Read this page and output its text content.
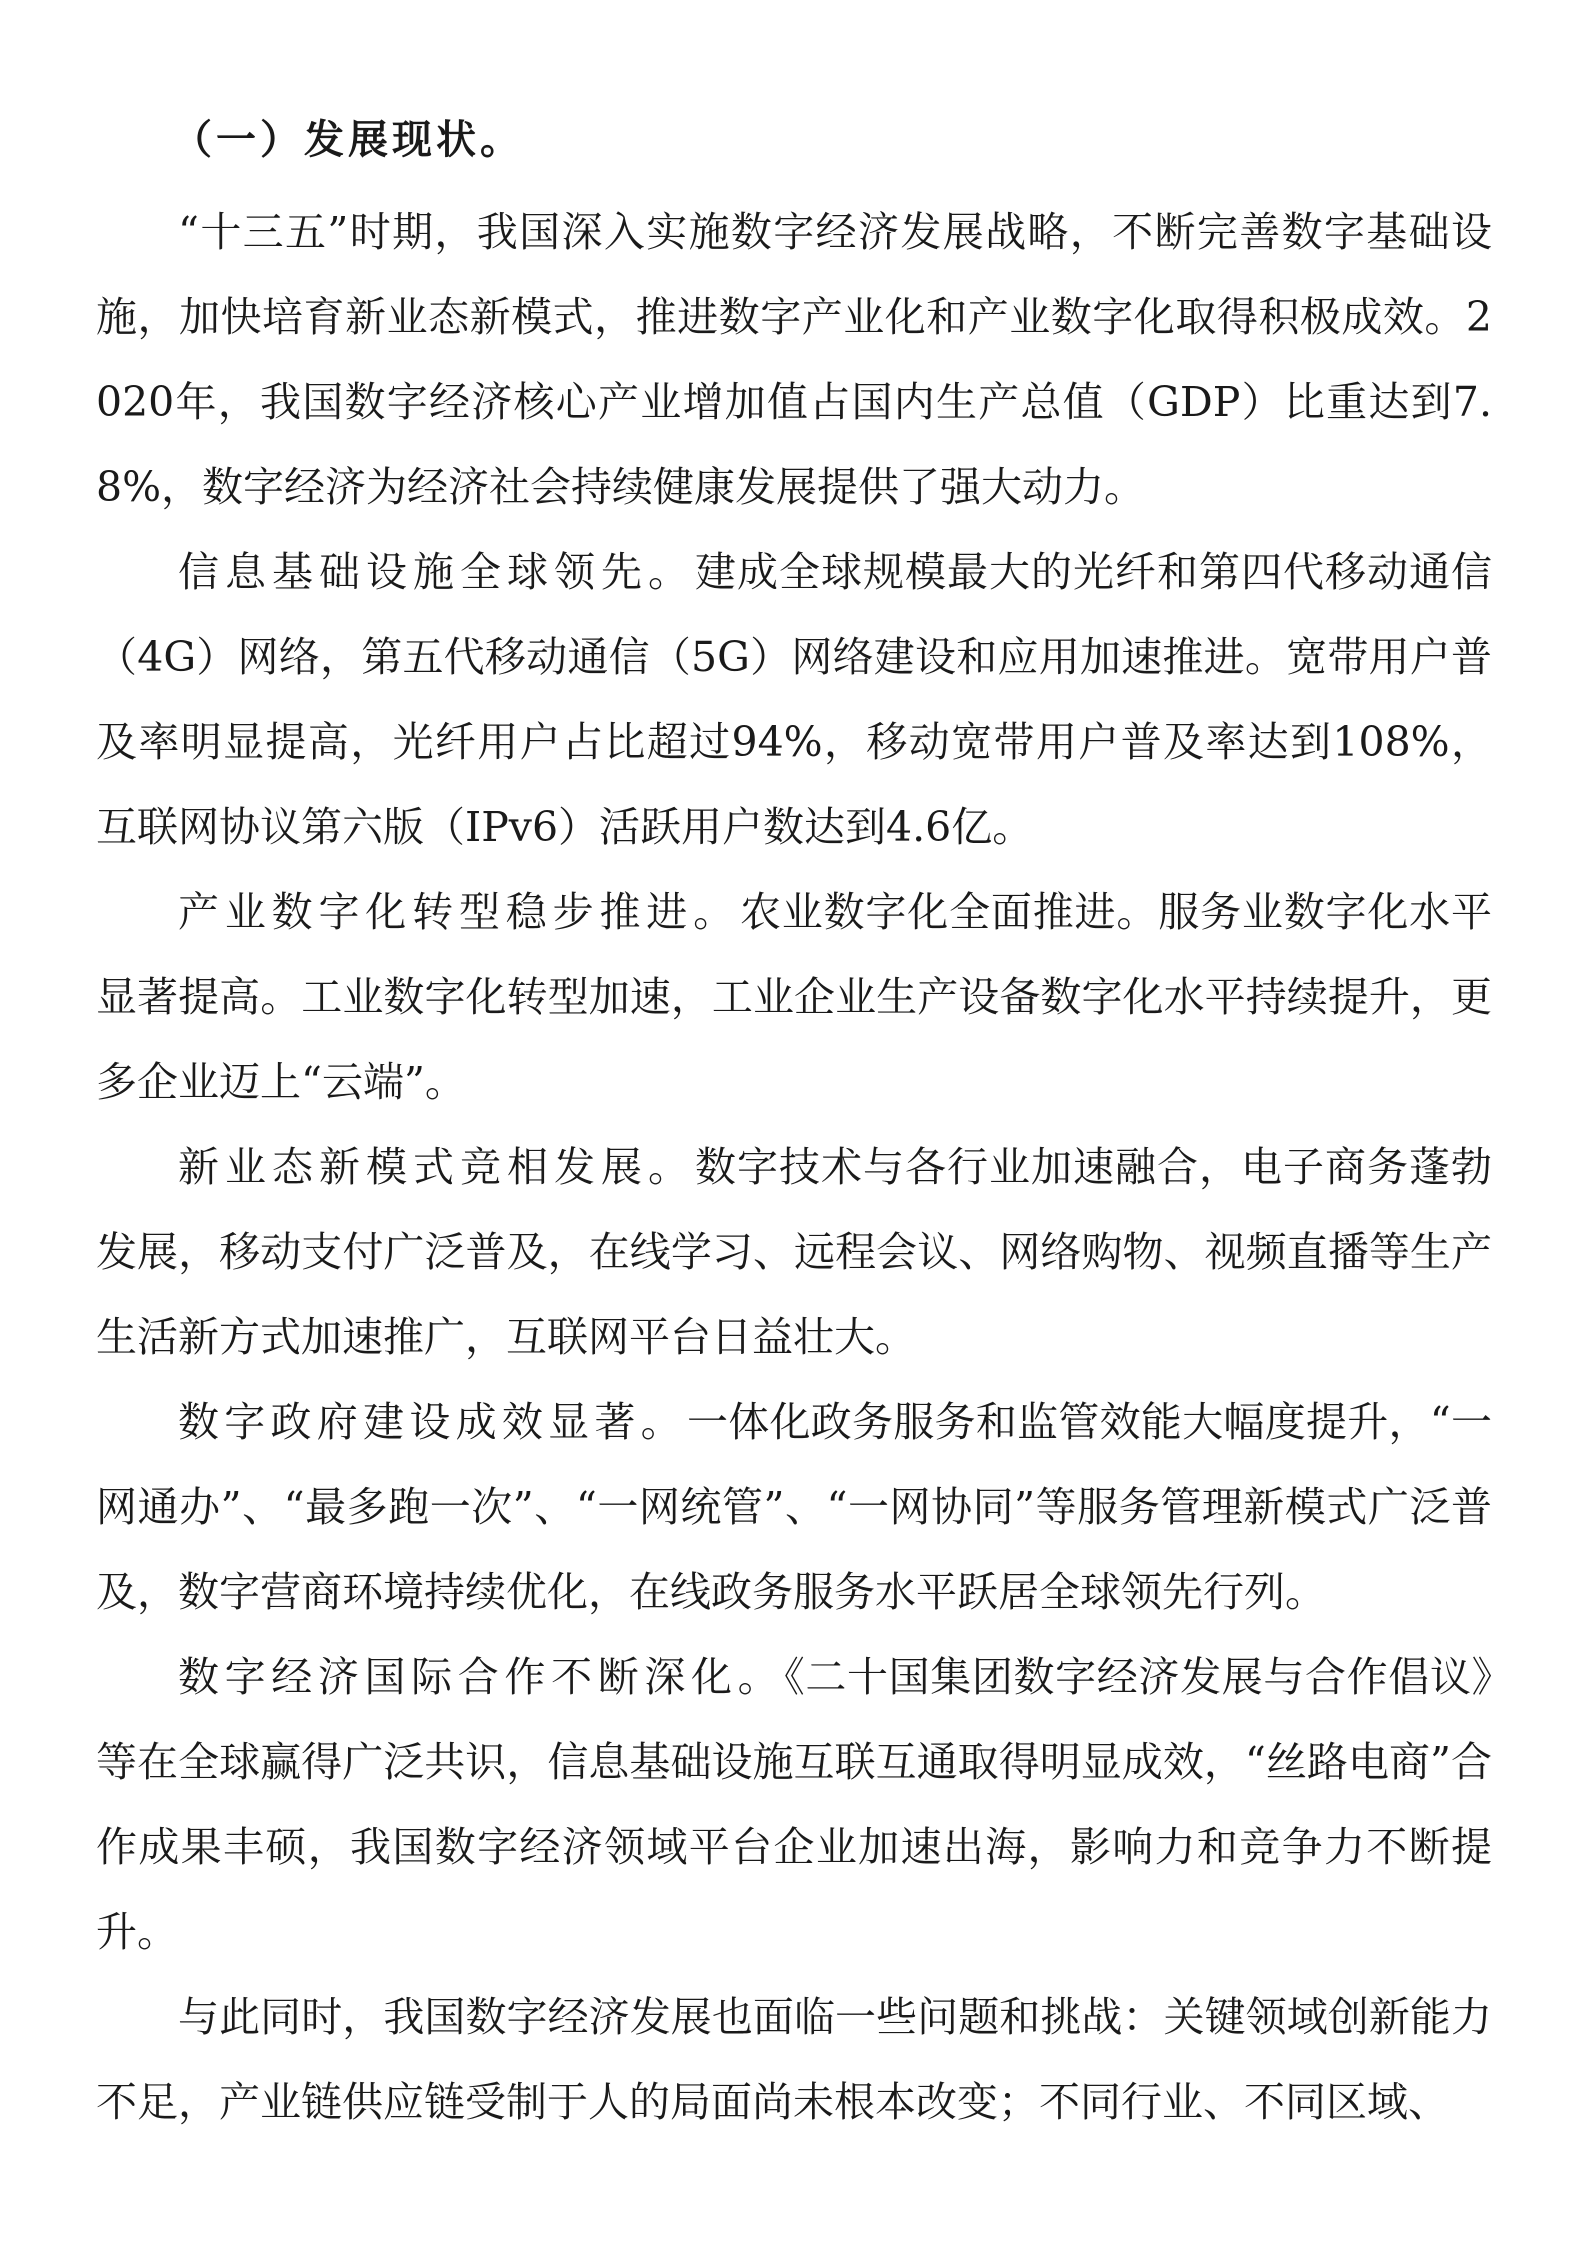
（一）发展现状。

“十三五”时期，我国深入实施数字经济发展战略，不断完善数字基础设施，加快培育新业态新模式，推进数字产业化和产业数字化取得积极成效。2020年，我国数字经济核心产业增加值占国内生产总值（GDP）比重达到7.8%，数字经济为经济社会持续健康发展提供了强大动力。

信息基础设施全球领先。建成全球规模最大的光纤和第四代移动通信（4G）网络，第五代移动通信（5G）网络建设和应用加速推进。宽带用户普及率明显提高，光纤用户占比超过94%，移动宽带用户普及率达到108%，互联网协议第六版（IPv6）活跃用户数达到4.6亿。

产业数字化转型稳步推进。农业数字化全面推进。服务业数字化水平显著提高。工业数字化转型加速，工业企业生产设备数字化水平持续提升，更多企业迈上“云端”。

新业态新模式竞相发展。数字技术与各行业加速融合，电子商务蓬勃发展，移动支付广泛普及，在线学习、远程会议、网络购物、视频直播等生产生活新方式加速推广，互联网平台日益壮大。

数字政府建设成效显著。一体化政务服务和监管效能大幅度提升，“一网通办”、“最多跑一次”、“一网统管”、“一网协同”等服务管理新模式广泛普及，数字营商环境持续优化，在线政务服务水平跃居全球领先行列。

数字经济国际合作不断深化。《二十国集团数字经济发展与合作倡议》等在全球赢得广泛共识，信息基础设施互联互通取得明显成效，“丝路电商”合作成果丰硕，我国数字经济领域平台企业加速出海，影响力和竞争力不断提升。

与此同时，我国数字经济发展也面临一些问题和挑战：关键领域创新能力不足，产业链供应链受制于人的局面尚未根本改变；不同行业、不同区域、
